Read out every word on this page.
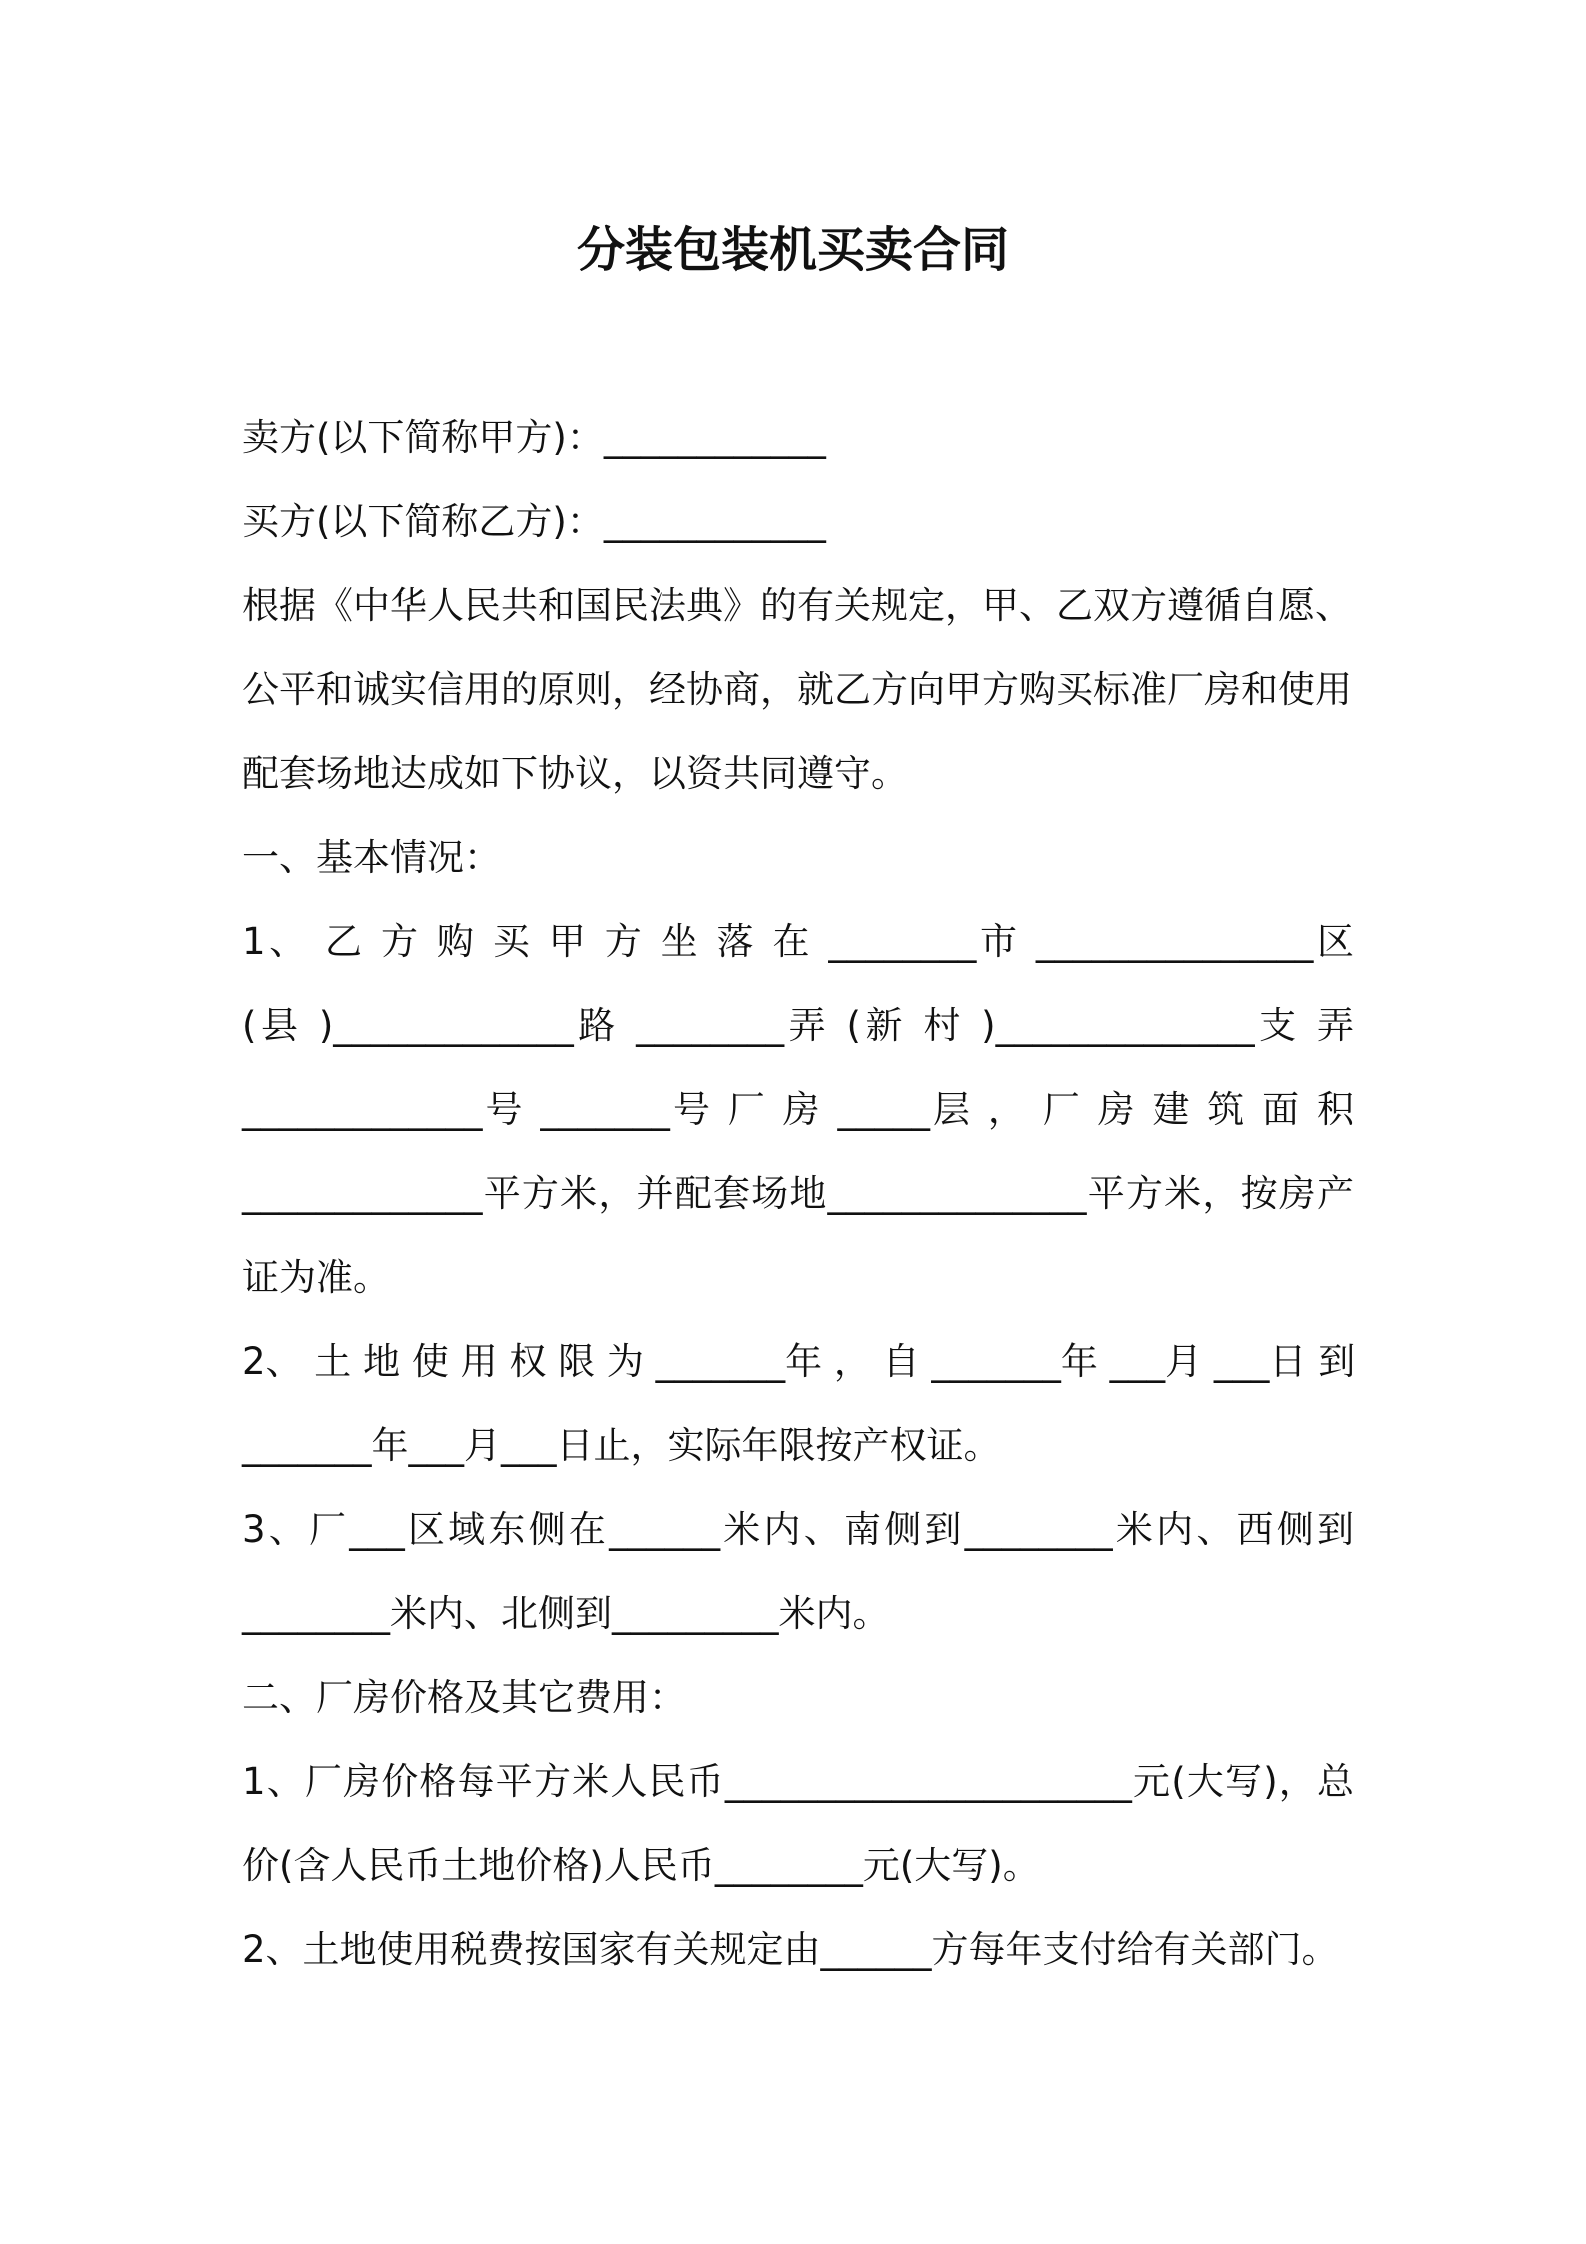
分装包装机买卖合同

卖方(以下简称甲方)：____________

买方(以下简称乙方)：____________

根据《中华人民共和国民法典》的有关规定，甲、乙双方遵循自愿、

公平和诚实信用的原则，经协商，就乙方向甲方购买标准厂房和使用

配套场地达成如下协议，以资共同遵守。

一、基本情况：

1、 乙 方 购 买 甲 方 坐 落 在 ________市 _______________区

(县 )_____________路 ________弄 (新 村 )______________支 弄

_____________号 _______号 厂 房 _____层 ， 厂 房 建 筑 面 积

_____________平方米，并配套场地______________平方米，按房产

证为准。

2、 土 地 使 用 权 限 为 _______年 ， 自 _______年 ___月 ___日 到

_______年___月___日止，实际年限按产权证。

3、厂___区域东侧在______米内、南侧到________米内、西侧到

________米内、北侧到_________米内。

二、厂房价格及其它费用：

1、厂房价格每平方米人民币______________________元(大写)，总

价(含人民币土地价格)人民币________元(大写)。

2、土地使用税费按国家有关规定由______方每年支付给有关部门。
